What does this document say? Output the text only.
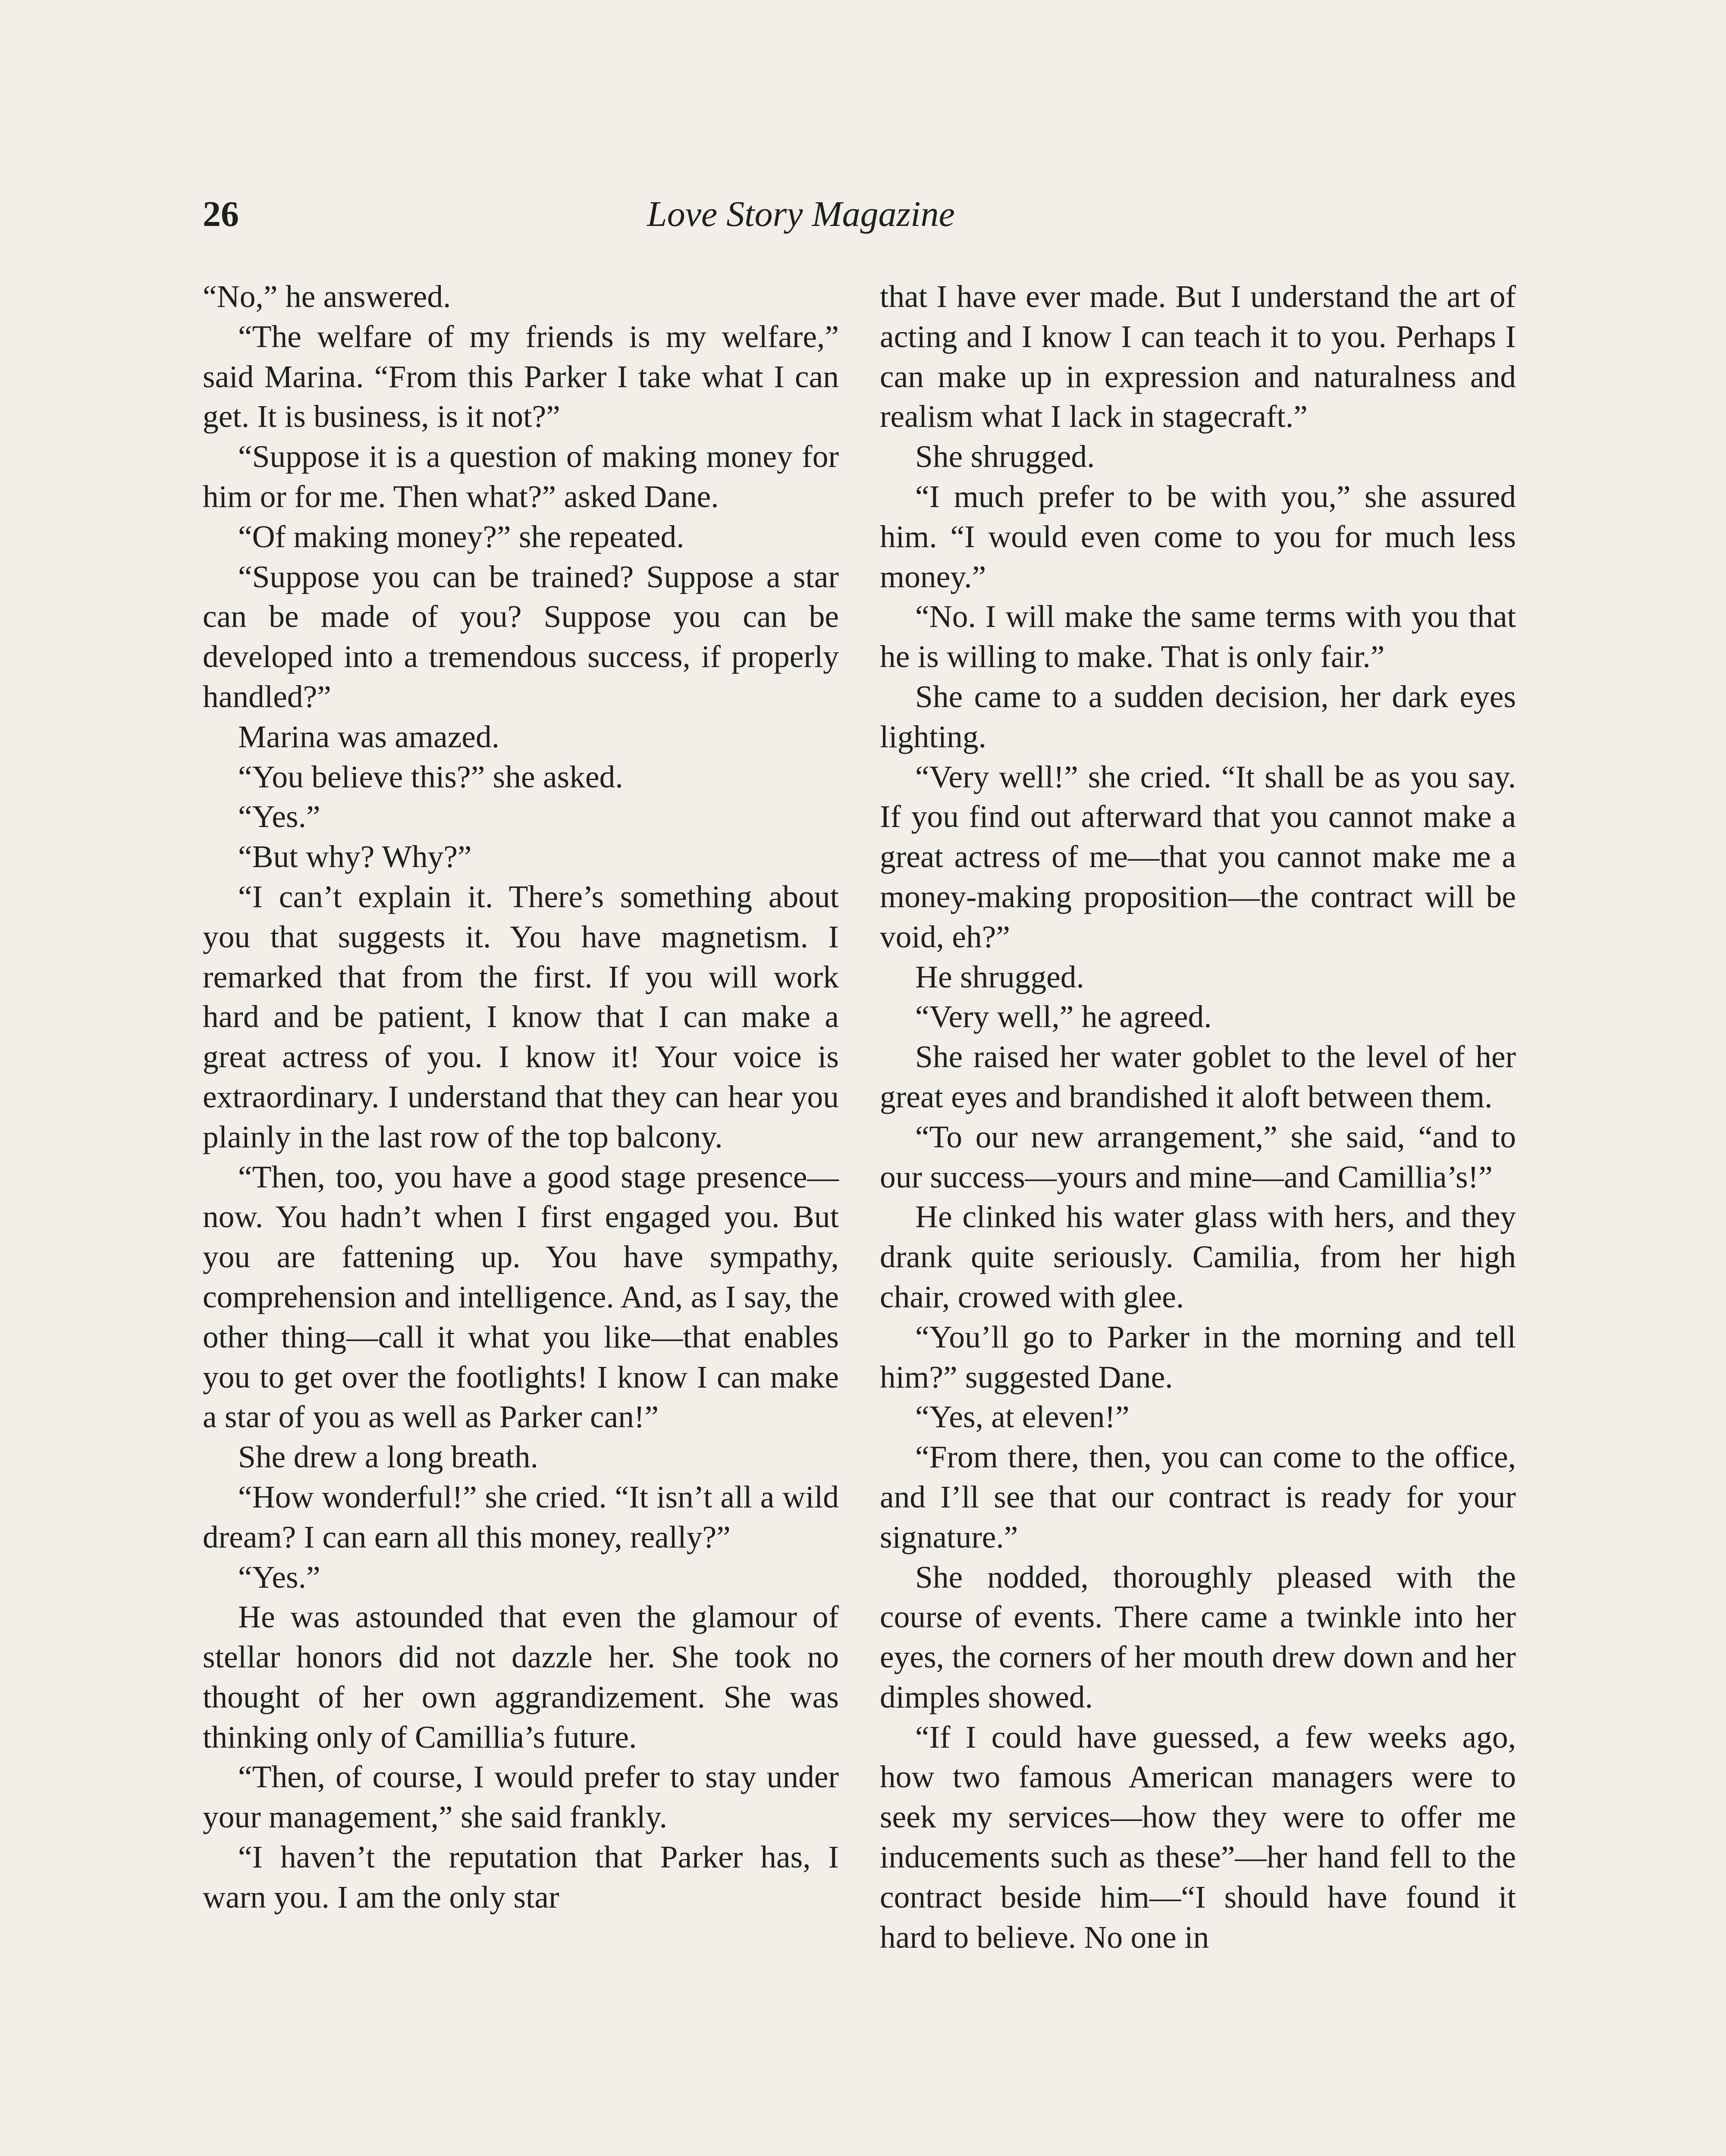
26	Love Story Magazine

“No,” he answered.

“The welfare of my friends is my welfare,” said Marina. “From this Parker I take what I can get. It is business, is it not?”

“Suppose it is a question of making money for him or for me. Then what?” asked Dane.

“Of making money?” she repeated.

“Suppose you can be trained? Suppose a star can be made of you? Suppose you can be developed into a tremendous success, if properly handled?”

Marina was amazed.

“You believe this?” she asked.

“Yes.”

“But why? Why?”

“I can’t explain it. There’s something about you that suggests it. You have magnetism. I remarked that from the first. If you will work hard and be patient, I know that I can make a great actress of you. I know it! Your voice is extraordinary. I understand that they can hear you plainly in the last row of the top balcony.

“Then, too, you have a good stage presence—now. You hadn’t when I first engaged you. But you are fattening up. You have sympathy, comprehension and intelligence. And, as I say, the other thing—call it what you like—that enables you to get over the footlights! I know I can make a star of you as well as Parker can!”

She drew a long breath.

“How wonderful!” she cried. “It isn’t all a wild dream? I can earn all this money, really?”

“Yes.”

He was astounded that even the glamour of stellar honors did not dazzle her. She took no thought of her own aggrandizement. She was thinking only of Camillia’s future.

“Then, of course, I would prefer to stay under your management,” she said frankly.

“I haven’t the reputation that Parker has, I warn you. I am the only star

that I have ever made. But I understand the art of acting and I know I can teach it to you. Perhaps I can make up in expression and naturalness and realism what I lack in stagecraft.”

She shrugged.

“I much prefer to be with you,” she assured him. “I would even come to you for much less money.”

“No. I will make the same terms with you that he is willing to make. That is only fair.”

She came to a sudden decision, her dark eyes lighting.

“Very well!” she cried. “It shall be as you say. If you find out afterward that you cannot make a great actress of me—that you cannot make me a money-making proposition—the contract will be void, eh?”

He shrugged.

“Very well,” he agreed.

She raised her water goblet to the level of her great eyes and brandished it aloft between them.

“To our new arrangement,” she said, “and to our success—yours and mine—and Camillia’s!”

He clinked his water glass with hers, and they drank quite seriously. Camilia, from her high chair, crowed with glee.

“You’ll go to Parker in the morning and tell him?” suggested Dane.

“Yes, at eleven!”

“From there, then, you can come to the office, and I’ll see that our contract is ready for your signature.”

She nodded, thoroughly pleased with the course of events. There came a twinkle into her eyes, the corners of her mouth drew down and her dimples showed.

“If I could have guessed, a few weeks ago, how two famous American managers were to seek my services—how they were to offer me inducements such as these”—her hand fell to the contract beside him—“I should have found it hard to believe. No one in
